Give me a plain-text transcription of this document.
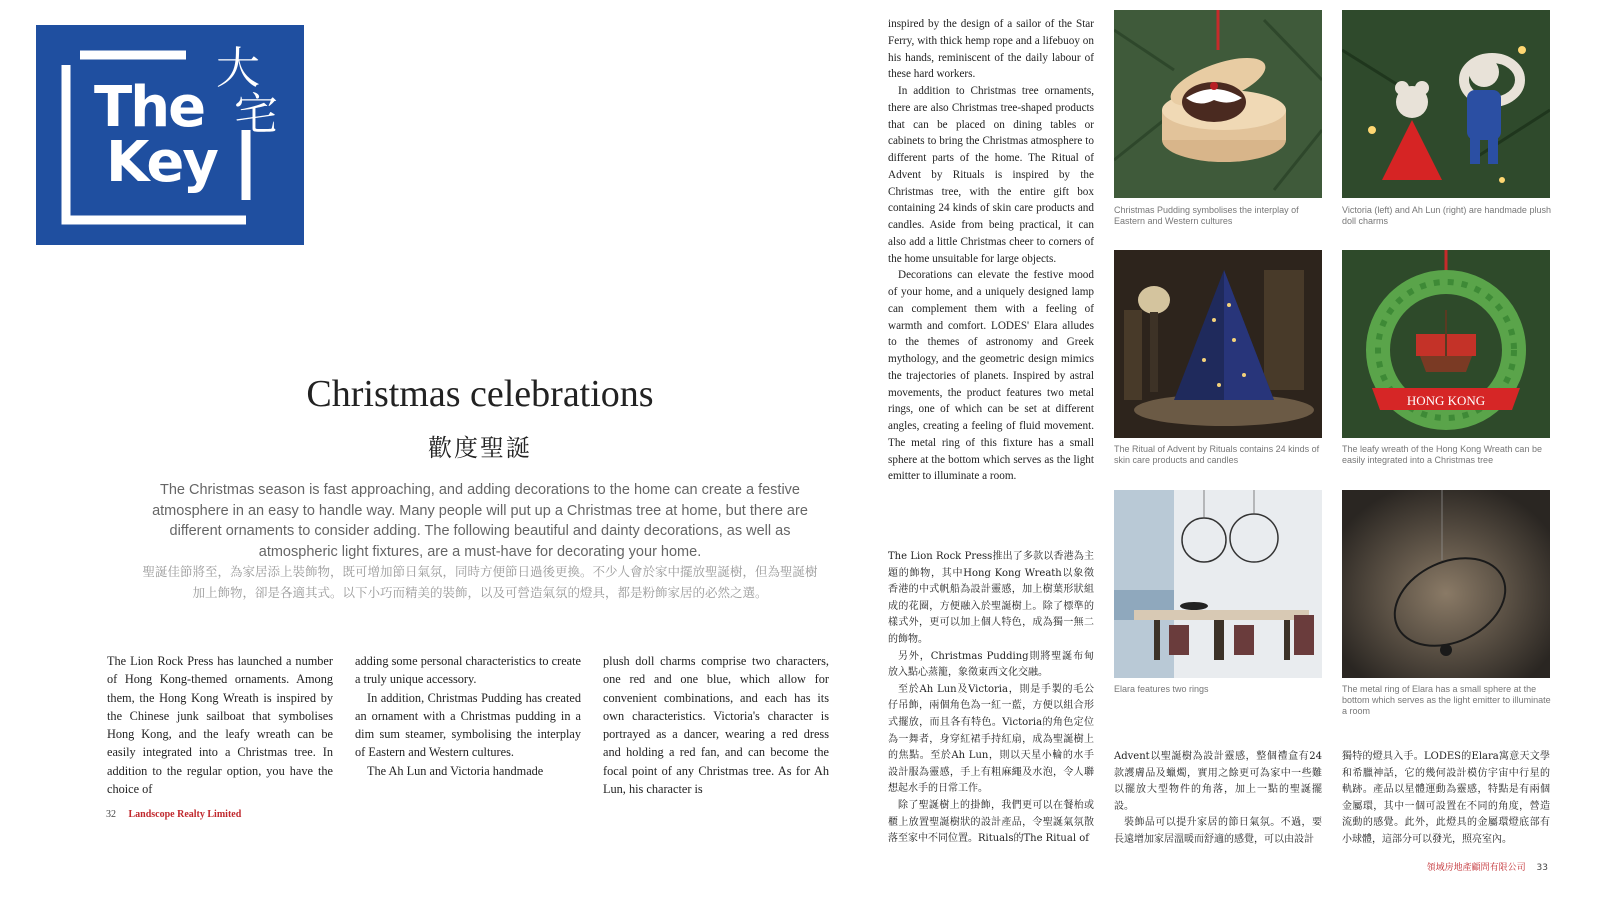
The
Key
大
宅
Christmas celebrations
歡度聖誕
The Christmas season is fast approaching, and adding decorations to the home can create a festive atmosphere in an easy to handle way. Many people will put up a Christmas tree at home, but there are different ornaments to consider adding. The following beautiful and dainty decorations, as well as atmospheric light fixtures, are a must-have for decorating your home.
聖誕佳節將至，為家居添上裝飾物，既可增加節日氣氛，同時方便節日過後更換。不少人會於家中擺放聖誕樹，但為聖誕樹加上飾物，卻是各適其式。以下小巧而精美的裝飾，以及可營造氣氛的燈具，都是粉飾家居的必然之選。

The Lion Rock Press has launched a number of Hong Kong-themed ornaments. Among them, the Hong Kong Wreath is inspired by the Chinese junk sailboat that symbolises Hong Kong, and the leafy wreath can be easily integrated into a Christmas tree. In addition to the regular option, you have the choice of

adding some personal characteristics to create a truly unique accessory.

In addition, Christmas Pudding has created an ornament with a Christmas pudding in a dim sum steamer, symbolising the interplay of Eastern and Western cultures.

The Ah Lun and Victoria handmade

plush doll charms comprise two characters, one red and one blue, which allow for convenient combinations, and each has its own characteristics. Victoria's character is portrayed as a dancer, wearing a red dress and holding a red fan, and can become the focal point of any Christmas tree. As for Ah Lun, his character is

32 Landscope Realty Limited

inspired by the design of a sailor of the Star Ferry, with thick hemp rope and a lifebuoy on his hands, reminiscent of the daily labour of these hard workers.

In addition to Christmas tree ornaments, there are also Christmas tree-shaped products that can be placed on dining tables or cabinets to bring the Christmas atmosphere to different parts of the home. The Ritual of Advent by Rituals is inspired by the Christmas tree, with the entire gift box containing 24 kinds of skin care products and candles. Aside from being practical, it can also add a little Christmas cheer to corners of the home unsuitable for large objects.

Decorations can elevate the festive mood of your home, and a uniquely designed lamp can complement them with a feeling of warmth and comfort. LODES' Elara alludes to the themes of astronomy and Greek mythology, and the geometric design mimics the trajectories of planets. Inspired by astral movements, the product features two metal rings, one of which can be set at different angles, creating a feeling of fluid movement. The metal ring of this fixture has a small sphere at the bottom which serves as the light emitter to illuminate a room.

The Lion Rock Press推出了多款以香港為主題的飾物，其中Hong Kong Wreath以象徵香港的中式帆船為設計靈感，加上樹葉形狀組成的花圈，方便融入於聖誕樹上。除了標準的樣式外，更可以加上個人特色，成為獨一無二的飾物。

另外，Christmas Pudding則將聖誕布甸放入點心蒸籠，象徵東西文化交融。

至於Ah Lun及Victoria，則是手製的毛公仔吊飾，兩個角色為一紅一藍，方便以組合形式擺放，而且各有特色。Victoria的角色定位為一舞者，身穿紅裙手持紅扇，成為聖誕樹上的焦點。至於Ah Lun，則以天星小輪的水手設計服為靈感，手上有粗麻繩及水泡，令人聯想起水手的日常工作。

除了聖誕樹上的掛飾，我們更可以在餐枱或櫃上放置聖誕樹狀的設計產品，令聖誕氣氛散落至家中不同位置。Rituals的The Ritual of

Advent以聖誕樹為設計靈感，整個禮盒有24款護膚品及蠟燭，實用之餘更可為家中一些難以擺放大型物件的角落，加上一點的聖誕擺設。

裝飾品可以提升家居的節日氣氛。不過，要長遠增加家居溫暖而舒適的感覺，可以由設計

獨特的燈具入手。LODES的Elara寓意天文學和希臘神話，它的幾何設計模仿宇宙中行星的軌跡。產品以星體運動為靈感，特點是有兩個金屬環，其中一個可設置在不同的角度，營造流動的感覺。此外，此燈具的金屬環燈底部有小球體，這部分可以發光，照亮室內。

領域房地產顧問有限公司 33
Christmas Pudding symbolises the interplay of Eastern and Western cultures
Victoria (left) and Ah Lun (right) are handmade plush doll charms
The Ritual of Advent by Rituals contains 24 kinds of skin care products and candles
HONG KONG
The leafy wreath of the Hong Kong Wreath can be easily integrated into a Christmas tree
Elara features two rings	The metal ring of Elara has a small sphere at the bottom which serves as the light emitter to illuminate a room
